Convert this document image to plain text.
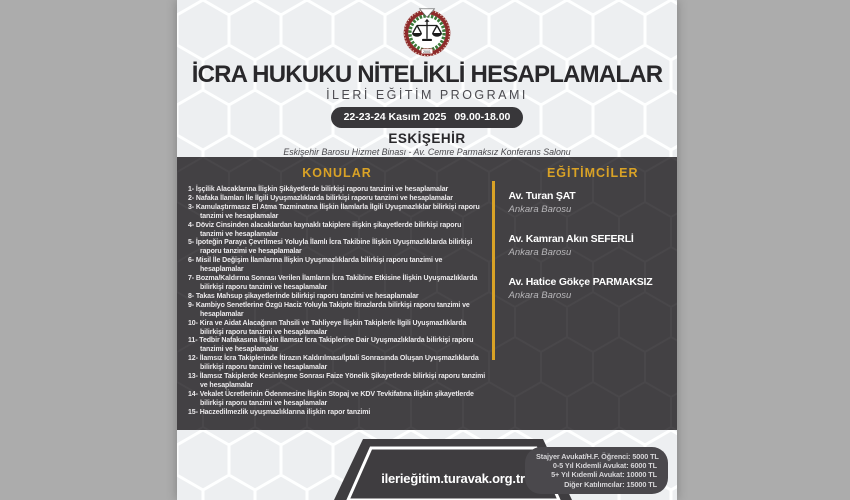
2001
İCRA HUKUKU NİTELİKLİ HESAPLAMALAR
İLERİ EĞİTİM PROGRAMI
22-23-24 Kasım 2025 09.00-18.00
ESKİŞEHİR
Eskişehir Barosu Hizmet Binası - Av. Cemre Parmaksız Konferans Salonu
KONULAR
1- İşçilik Alacaklarına İlişkin Şikâyetlerde bilirkişi raporu tanzimi ve hesaplamalar
2- Nafaka İlamları İle İlgili Uyuşmazlıklarda bilirkişi raporu tanzimi ve hesaplamalar
3- Kamulaştırmasız El Atma Tazminatına İlişkin İlamlarla İlgili Uyuşmazlıklar bilirkişi raporu tanzimi ve hesaplamalar
4- Döviz Cinsinden alacaklardan kaynaklı takiplere ilişkin şikayetlerde bilirkişi raporu tanzimi ve hesaplamalar
5- İpoteğin Paraya Çevrilmesi Yoluyla İlamlı İcra Takibine İlişkin Uyuşmazlıklarda bilirkişi raporu tanzimi ve hesaplamalar
6- Misil İle Değişim İlamlarına İlişkin Uyuşmazlıklarda bilirkişi raporu tanzimi ve hesaplamalar
7- Bozma/Kaldırma Sonrası Verilen İlamların İcra Takibine Etkisine İlişkin Uyuşmazlıklarda bilirkişi raporu tanzimi ve hesaplamalar
8- Takas Mahsup şikayetlerinde bilirkişi raporu tanzimi ve hesaplamalar
9- Kambiyo Senetlerine Özgü Haciz Yoluyla Takipte İtirazlarda bilirkişi raporu tanzimi ve hesaplamalar
10- Kira ve Aidat Alacağının Tahsili ve Tahliyeye İlişkin Takiplerle İlgili Uyuşmazlıklarda bilirkişi raporu tanzimi ve hesaplamalar
11- Tedbir Nafakasına İlişkin İlamsız İcra Takiplerine Dair Uyuşmazlıklarda bilirkişi raporu tanzimi ve hesaplamalar
12- İlamsız İcra Takiplerinde İtirazın Kaldırılması/İptali Sonrasında Oluşan Uyuşmazlıklarda bilirkişi raporu tanzimi ve hesaplamalar
13- İlamsız Takiplerde Kesinleşme Sonrası Faize Yönelik Şikayetlerde bilirkişi raporu tanzimi ve hesaplamalar
14- Vekalet Ücretlerinin Ödenmesine İlişkin Stopaj ve KDV Tevkifatına ilişkin şikayetlerde bilirkişi raporu tanzimi ve hesaplamalar
15- Haczedilmezlik uyuşmazlıklarına ilişkin rapor tanzimi
EĞİTİMCİLER
Av. Turan ŞAT
Ankara Barosu
Av. Kamran Akın SEFERLİ
Ankara Barosu
Av. Hatice Gökçe PARMAKSIZ
Ankara Barosu
ilerieğitim.turavak.org.tr
Stajyer Avukat/H.F. Öğrenci: 5000 TL
0-5 Yıl Kıdemli Avukat: 6000 TL
5+ Yıl Kıdemli Avukat: 10000 TL
Diğer Katılımcılar: 15000 TL
